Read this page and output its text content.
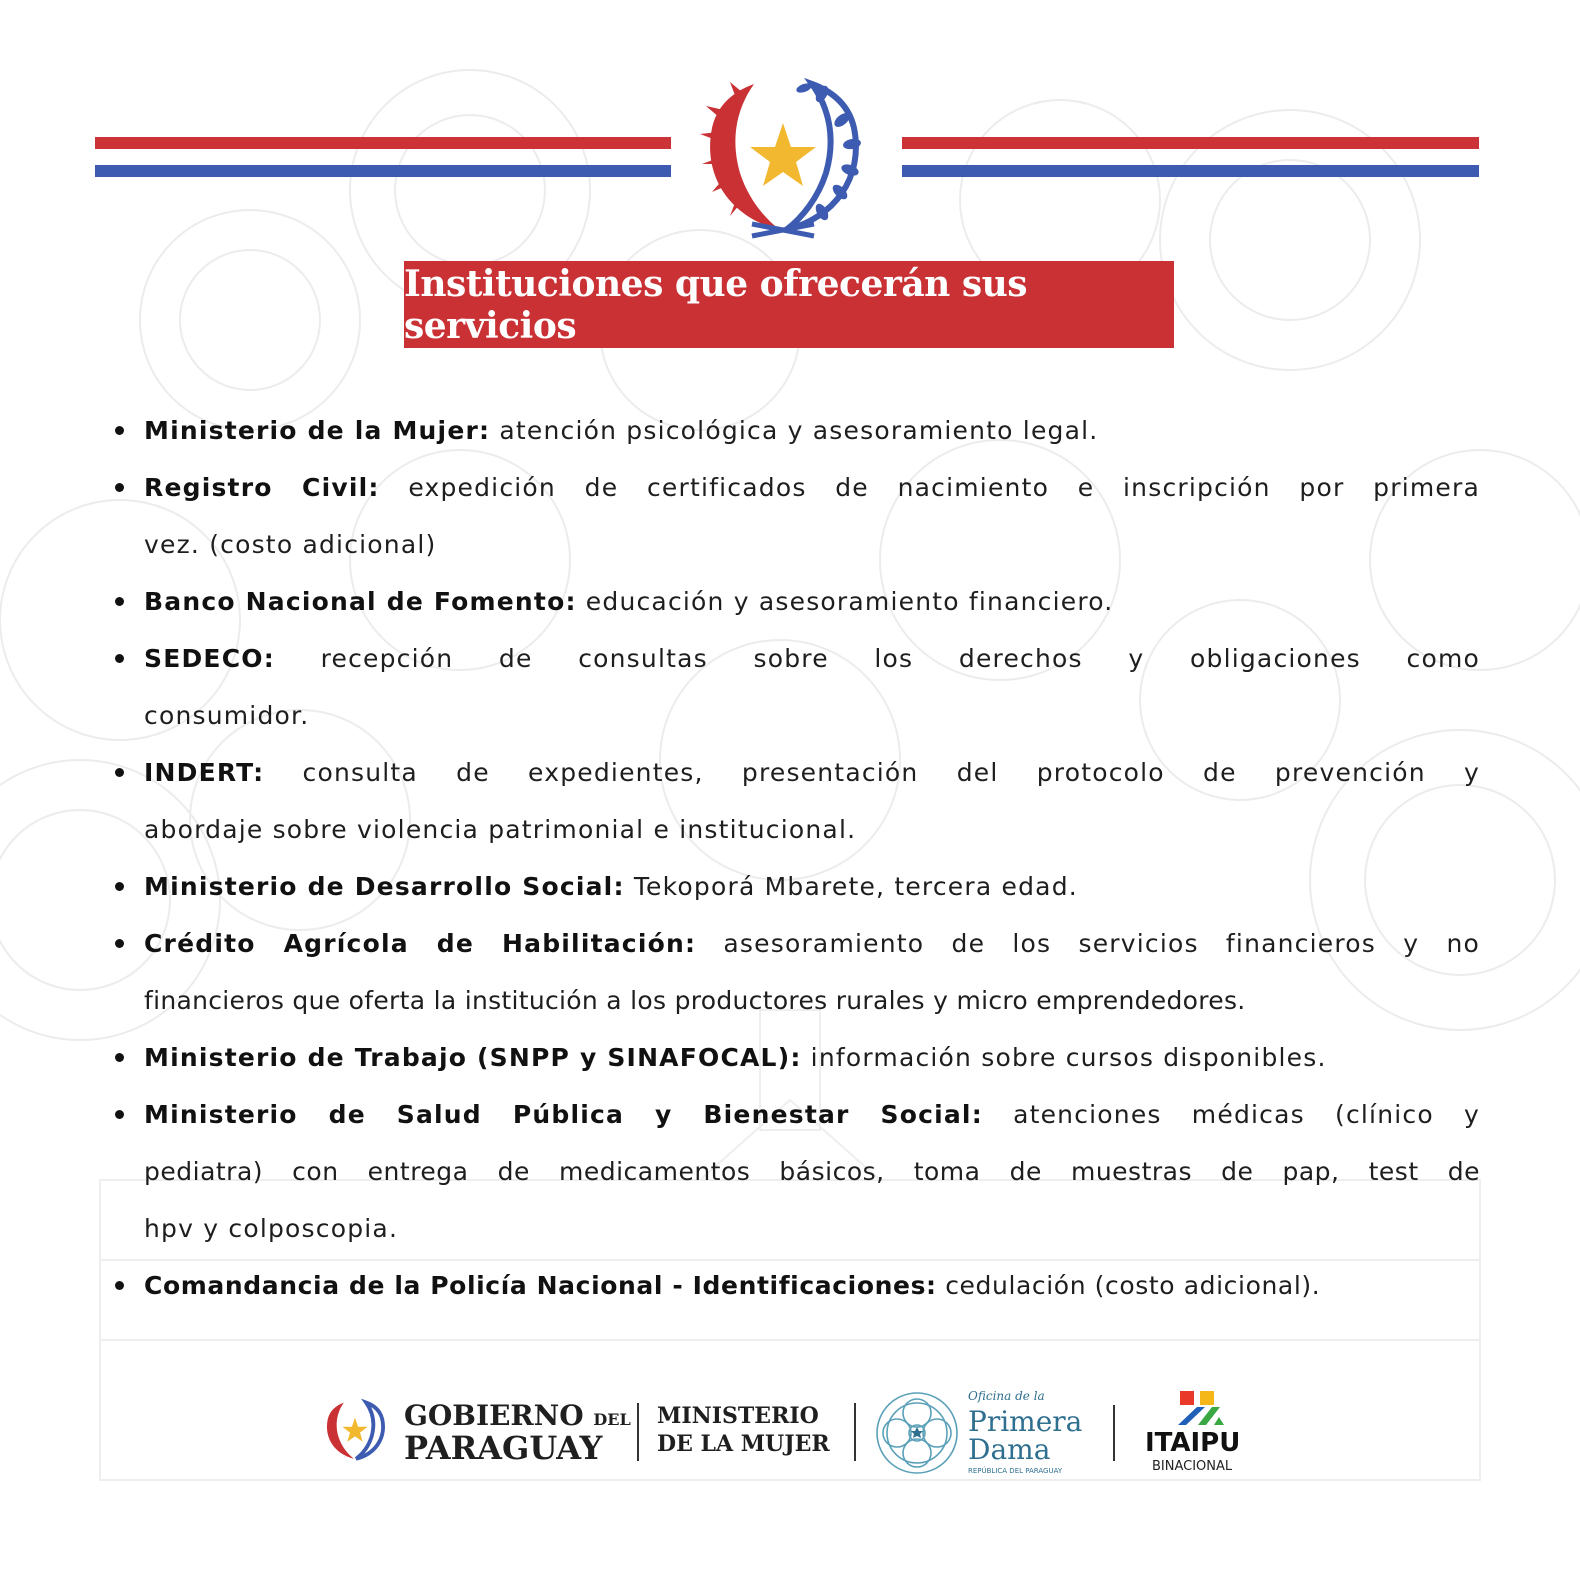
Instituciones que ofrecerán sus servicios
Ministerio de la Mujer: atención psicológica y asesoramiento legal.
Registro Civil: expedición de certificados de nacimiento e inscripción por primera
vez. (costo adicional)
Banco Nacional de Fomento: educación y asesoramiento financiero.
SEDECO: recepción de consultas sobre los derechos y obligaciones como
consumidor.
INDERT: consulta de expedientes, presentación del protocolo de prevención y
abordaje sobre violencia patrimonial e institucional.
Ministerio de Desarrollo Social: Tekoporá Mbarete, tercera edad.
Crédito Agrícola de Habilitación: asesoramiento de los servicios financieros y no
financieros que oferta la institución a los productores rurales y micro emprendedores.
Ministerio de Trabajo (SNPP y SINAFOCAL): información sobre cursos disponibles.
Ministerio de Salud Pública y Bienestar Social: atenciones médicas (clínico y
pediatra) con entrega de medicamentos básicos, toma de muestras de pap, test de
hpv y colposcopia.
Comandancia de la Policía Nacional - Identificaciones: cedulación (costo adicional).
GOBIERNO DEL
PARAGUAY
MINISTERIO
DE LA MUJER
Oficina de la
Primera
Dama
REPÚBLICA DEL PARAGUAY
ITAIPU
BINACIONAL
